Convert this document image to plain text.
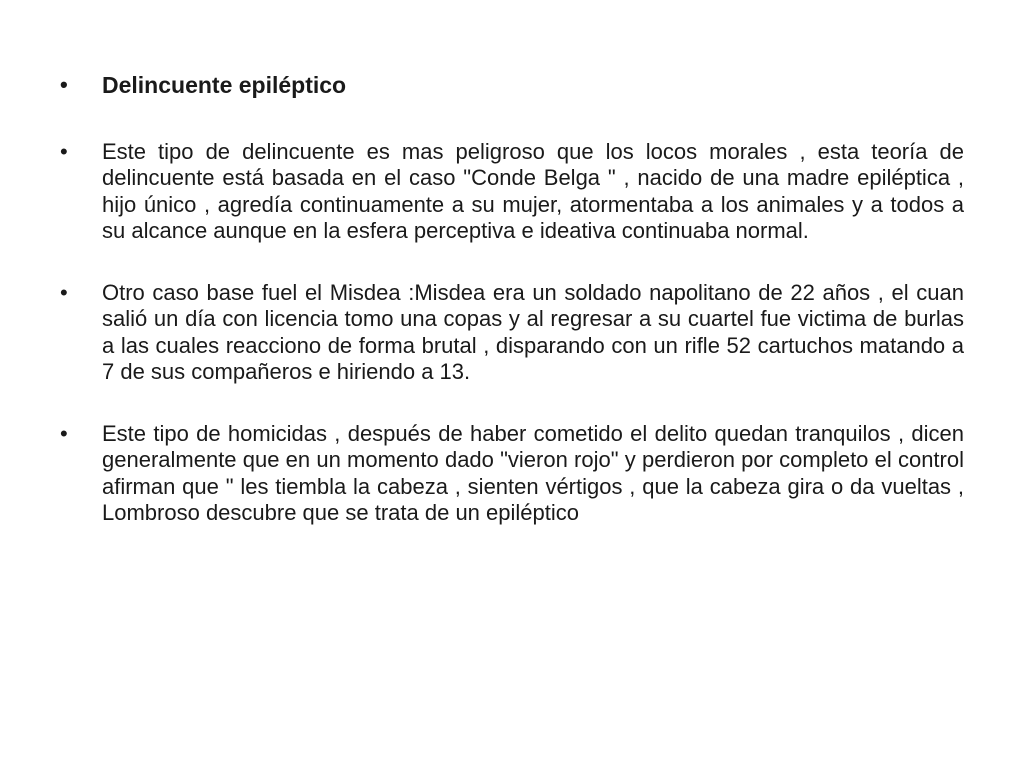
•	Delincuente epiléptico
•	Este tipo de delincuente es mas peligroso que los locos morales , esta teoría de delincuente está basada en el caso "Conde Belga " , nacido de una madre epiléptica , hijo único , agredía continuamente a su mujer, atormentaba a los animales y a todos a su alcance aunque en la esfera perceptiva e ideativa continuaba normal.
•	Otro caso base fuel el Misdea :Misdea era un soldado napolitano de 22 años , el cuan salió un día con licencia tomo una copas y al regresar a su cuartel fue victima de burlas a las cuales reacciono de forma brutal , disparando con un rifle 52 cartuchos matando a 7 de sus compañeros e hiriendo a 13.
•	Este tipo de homicidas , después de haber cometido el delito quedan tranquilos , dicen generalmente que en un momento dado "vieron rojo" y perdieron por completo el control afirman que " les tiembla la cabeza , sienten vértigos , que la cabeza gira o da vueltas , Lombroso descubre que se trata de un epiléptico
